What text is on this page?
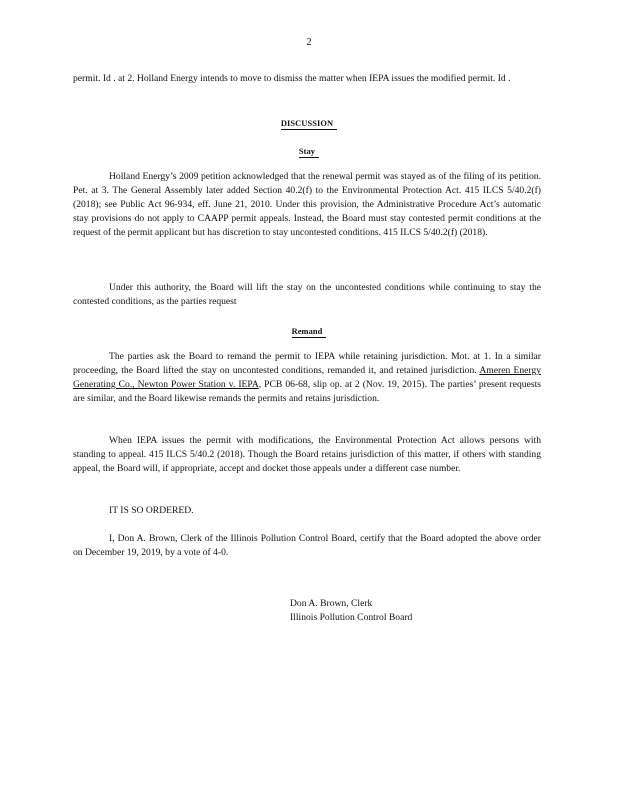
2

permit. Id . at 2. Holland Energy intends to move to dismiss the matter when IEPA issues the modified permit. Id .

DISCUSSION
Stay

Holland Energy’s 2009 petition acknowledged that the renewal permit was stayed as of the filing of its petition. Pet. at 3. The General Assembly later added Section 40.2(f) to the Environmental Protection Act. 415 ILCS 5/40.2(f) (2018); see Public Act 96-934, eff. June 21, 2010. Under this provision, the Administrative Procedure Act’s automatic stay provisions do not apply to CAAPP permit appeals. Instead, the Board must stay contested permit conditions at the request of the permit applicant but has discretion to stay uncontested conditions. 415 ILCS 5/40.2(f) (2018).

Under this authority, the Board will lift the stay on the uncontested conditions while continuing to stay the contested conditions, as the parties request

Remand

The parties ask the Board to remand the permit to IEPA while retaining jurisdiction. Mot. at 1. In a similar proceeding, the Board lifted the stay on uncontested conditions, remanded it, and retained jurisdiction. Ameren Energy Generating Co., Newton Power Station v. IEPA, PCB 06-68, slip op. at 2 (Nov. 19, 2015). The parties’ present requests are similar, and the Board likewise remands the permits and retains jurisdiction.

When IEPA issues the permit with modifications, the Environmental Protection Act allows persons with standing to appeal. 415 ILCS 5/40.2 (2018). Though the Board retains jurisdiction of this matter, if others with standing appeal, the Board will, if appropriate, accept and docket those appeals under a different case number.

IT IS SO ORDERED.

I, Don A. Brown, Clerk of the Illinois Pollution Control Board, certify that the Board adopted the above order on December 19, 2019, by a vote of 4-0.

Don A. Brown, Clerk
Illinois Pollution Control Board
